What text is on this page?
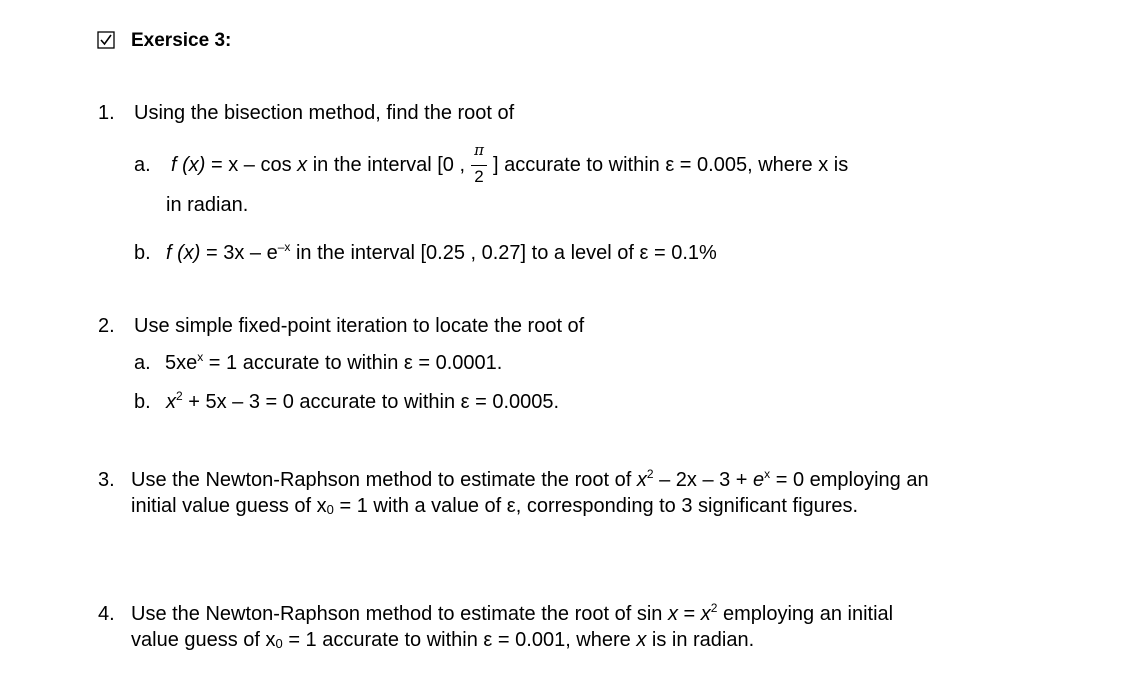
Exersice 3:
1. Using the bisection method, find the root of
a. f (x) = x – cos x in the interval [0 , $\frac{\pi}{2}$ ] accurate to within ε = 0.005, where x is
in radian.
b. f $(x) = 3x - e^{-x}$ in the interval [0.25 , 0.27] to a level of ε = 0.1%
2. Use simple fixed-point iteration to locate the root of
a. $5xe^x = 1$ accurate to within ε = 0.0001.
b. $x^2 + 5x - 3 = 0$ accurate to within ε = 0.0005.
3. Use the Newton-Raphson method to estimate the root of $x^2 - 2x - 3 + e^x = 0$ employing an
initial value guess of $x_0 = 1$ with a value of ε, corresponding to 3 significant figures.
4. Use the Newton-Raphson method to estimate the root of $\sin x = x^2$ employing an initial
value guess of $x_0 = 1$ accurate to within ε = 0.001, where x is in radian.
